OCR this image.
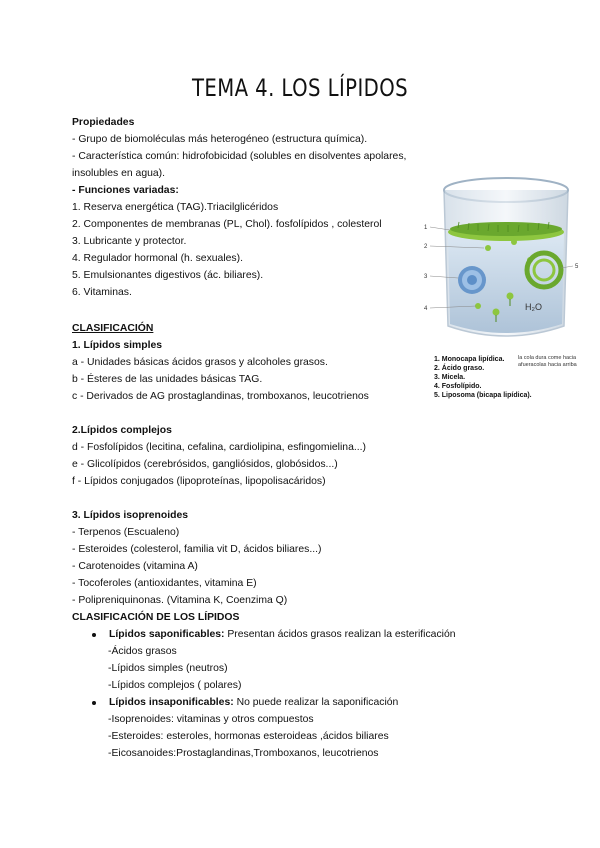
TEMA 4. LOS LÍPIDOS
Propiedades
- Grupo de biomoléculas más heterogéneo (estructura química).
- Característica común: hidrofobicidad (solubles en disolventes apolares,
insolubles en agua).
- Funciones variadas:
1. Reserva energética (TAG).Triacilglicéridos
2. Componentes de membranas (PL, Chol). fosfolípidos , colesterol
3. Lubricante y protector.
4. Regulador hormonal (h. sexuales).
5. Emulsionantes digestivos (ác. biliares).
6. Vitaminas.
CLASIFICACIÓN
1. Lípidos simples
a - Unidades básicas ácidos grasos y alcoholes grasos.
b - Ésteres de las unidades básicas TAG.
c - Derivados de AG prostaglandinas, tromboxanos, leucotrienos
2.Lípidos complejos
d - Fosfolípidos (lecitina, cefalina, cardiolipina, esfingomielina...)
e - Glicolípidos (cerebrósidos, gangliósidos, globósidos...)
f - Lípidos conjugados (lipoproteínas, lipopolisacáridos)
3. Lípidos isoprenoides
- Terpenos (Escualeno)
- Esteroides (colesterol, familia vit D, ácidos biliares...)
- Carotenoides (vitamina A)
- Tocoferoles (antioxidantes, vitamina E)
- Polipreniquinonas. (Vitamina K, Coenzima Q)
CLASIFICACIÓN DE LOS LÍPIDOS
Lípidos saponificables: Presentan ácidos grasos realizan la esterificación
-Ácidos grasos
-Lípidos simples (neutros)
-Lípidos complejos ( polares)
Lípidos insaponificables: No puede realizar la saponificación
-Isoprenoides: vitaminas y otros compuestos
-Esteroides: esteroles, hormonas esteroideas ,ácidos biliares
-Eicosanoides:Prostaglandinas,Tromboxanos, leucotrienos
H₂O
1
2
3
4
5
1. Monocapa lipídica.
2. Ácido graso.
3. Micela.
4. Fosfolípido.
5. Liposoma (bicapa lipídica).
la cola dura come hacia afueracolas hacia arriba
